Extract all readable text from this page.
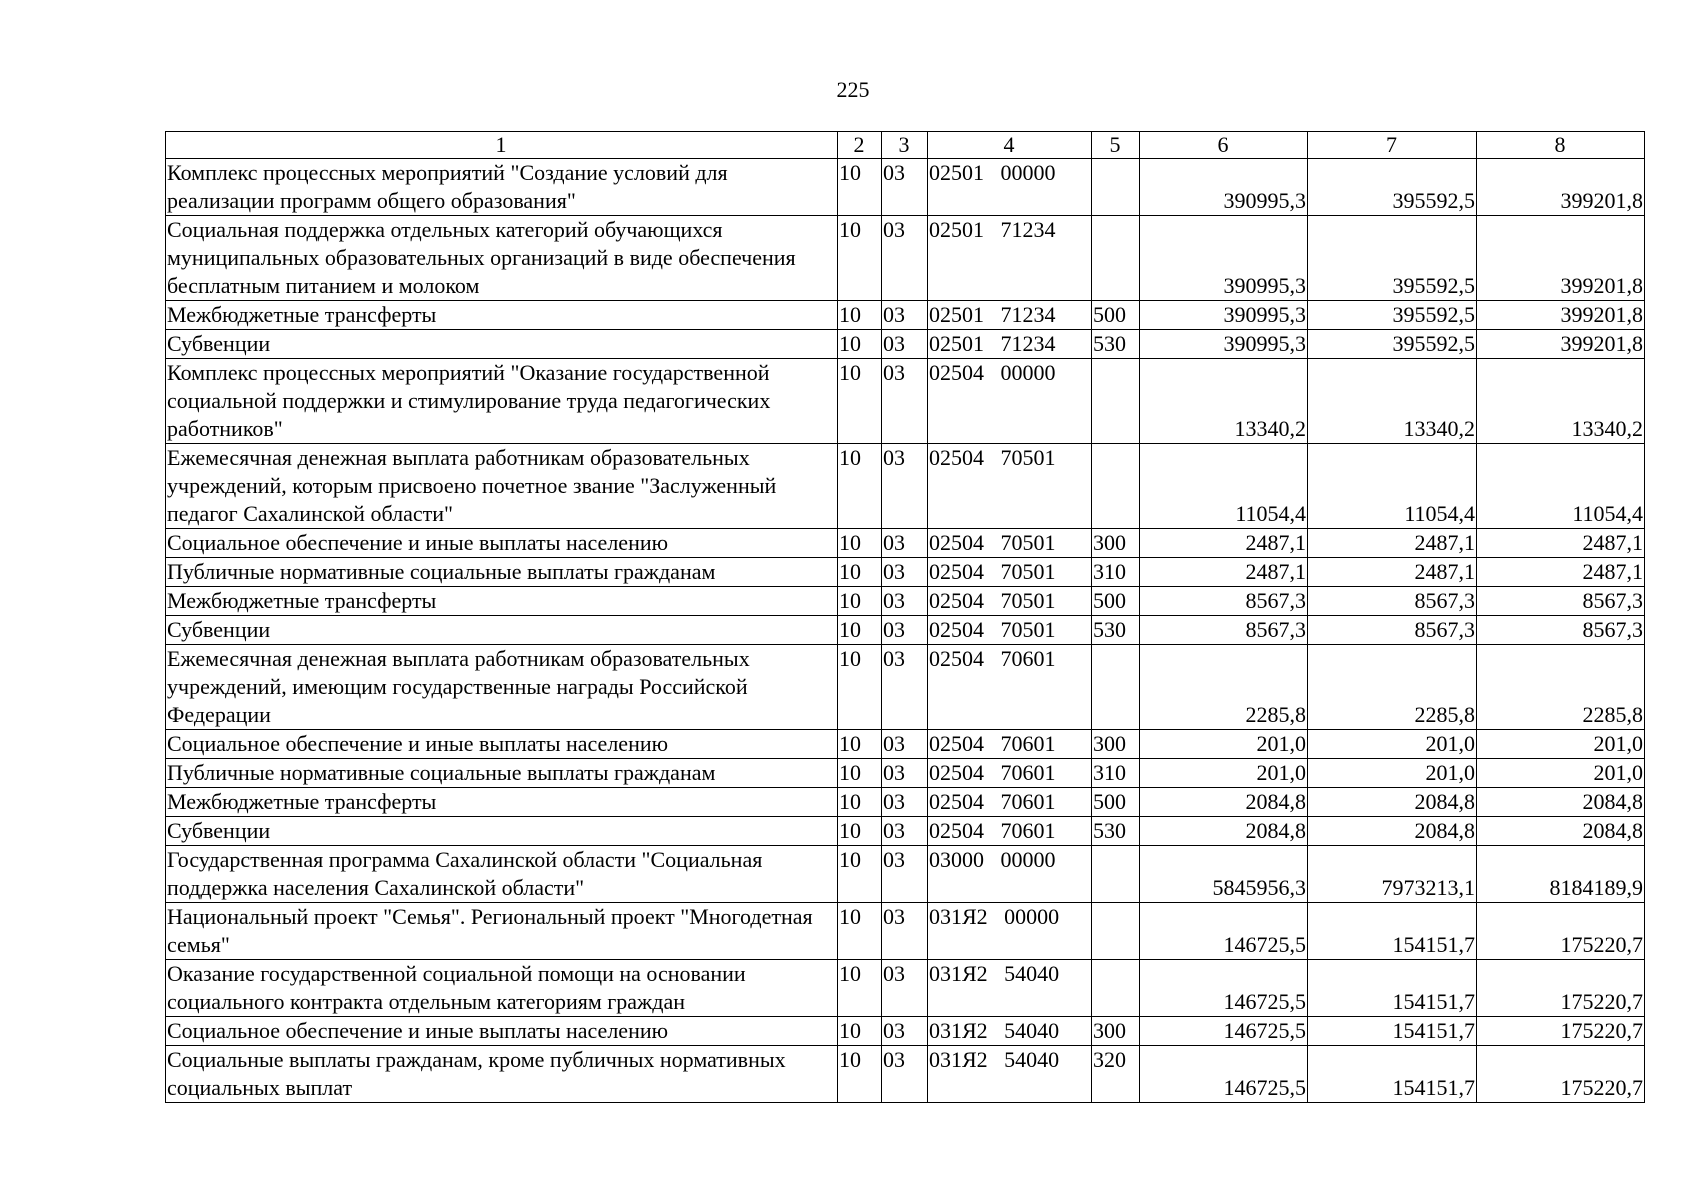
225
1	2	3	4	5	6	7	8
Комплекс процессных мероприятий "Создание условий для реализации программ общего образования"	10	03	02501   00000		390995,3	395592,5	399201,8
Социальная поддержка отдельных категорий обучающихся муниципальных образовательных организаций в виде обеспечения бесплатным питанием и молоком	10	03	02501   71234		390995,3	395592,5	399201,8
Межбюджетные трансферты	10	03	02501   71234	500	390995,3	395592,5	399201,8
Субвенции	10	03	02501   71234	530	390995,3	395592,5	399201,8
Комплекс процессных мероприятий "Оказание государственной социальной поддержки и стимулирование труда педагогических работников"	10	03	02504   00000		13340,2	13340,2	13340,2
Ежемесячная денежная выплата работникам образовательных учреждений, которым присвоено почетное звание "Заслуженный педагог Сахалинской области"	10	03	02504   70501		11054,4	11054,4	11054,4
Социальное обеспечение и иные выплаты населению	10	03	02504   70501	300	2487,1	2487,1	2487,1
Публичные нормативные социальные выплаты гражданам	10	03	02504   70501	310	2487,1	2487,1	2487,1
Межбюджетные трансферты	10	03	02504   70501	500	8567,3	8567,3	8567,3
Субвенции	10	03	02504   70501	530	8567,3	8567,3	8567,3
Ежемесячная денежная выплата работникам образовательных учреждений, имеющим государственные награды Российской Федерации	10	03	02504   70601		2285,8	2285,8	2285,8
Социальное обеспечение и иные выплаты населению	10	03	02504   70601	300	201,0	201,0	201,0
Публичные нормативные социальные выплаты гражданам	10	03	02504   70601	310	201,0	201,0	201,0
Межбюджетные трансферты	10	03	02504   70601	500	2084,8	2084,8	2084,8
Субвенции	10	03	02504   70601	530	2084,8	2084,8	2084,8
Государственная программа Сахалинской области "Социальная поддержка населения Сахалинской области"	10	03	03000   00000		5845956,3	7973213,1	8184189,9
Национальный проект "Семья". Региональный проект "Многодетная семья"	10	03	031Я2   00000		146725,5	154151,7	175220,7
Оказание государственной социальной помощи на основании социального контракта отдельным категориям граждан	10	03	031Я2   54040		146725,5	154151,7	175220,7
Социальное обеспечение и иные выплаты населению	10	03	031Я2   54040	300	146725,5	154151,7	175220,7
Социальные выплаты гражданам, кроме публичных нормативных социальных выплат	10	03	031Я2   54040	320	146725,5	154151,7	175220,7
